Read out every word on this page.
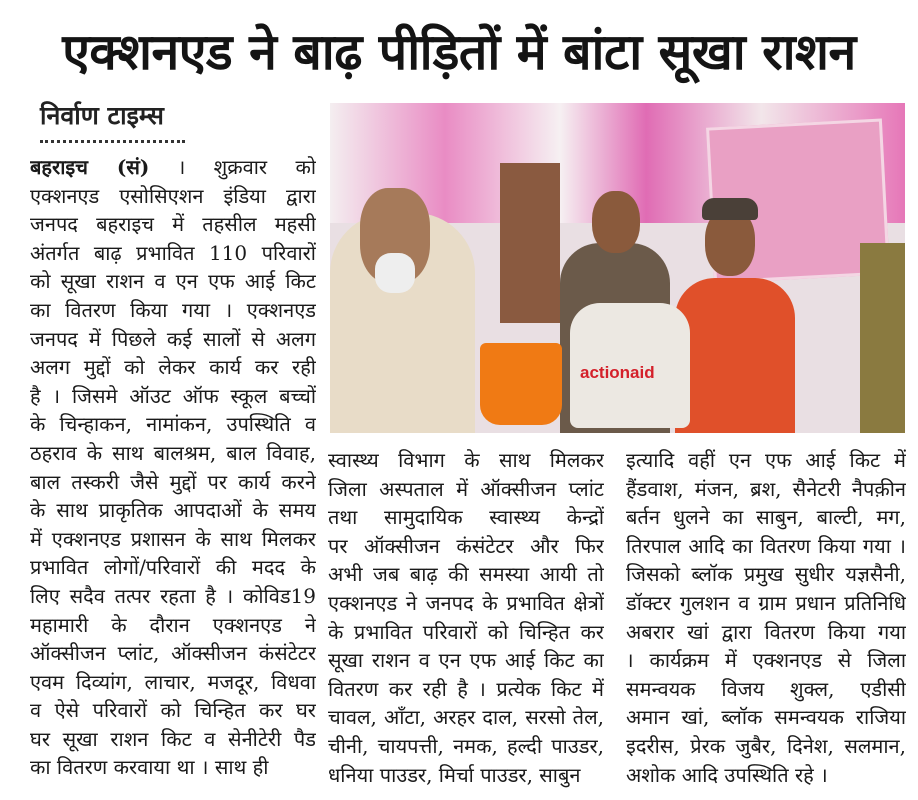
एक्शनएड ने बाढ़ पीड़ितों में बांटा सूखा राशन
निर्वाण टाइम्स
actionaid
बहराइच (सं) । शुक्रवार को
एक्शनएड एसोसिएशन इंडिया द्वारा
जनपद बहराइच में तहसील महसी
अंतर्गत बाढ़ प्रभावित 110 परिवारों
को सूखा राशन व एन एफ आई किट
का वितरण किया गया । एक्शनएड
जनपद में पिछले कई सालों से अलग
अलग मुद्दों को लेकर कार्य कर रही
है । जिसमे ऑउट ऑफ स्कूल बच्चों
के चिन्हाकन, नामांकन, उपस्थिति व
ठहराव के साथ बालश्रम, बाल विवाह,
बाल तस्करी जैसे मुद्दों पर कार्य करने
के साथ प्राकृतिक आपदाओं के समय
में एक्शनएड प्रशासन के साथ मिलकर
प्रभावित लोगों/परिवारों की मदद के
लिए सदैव तत्पर रहता है । कोविड19
महामारी के दौरान एक्शनएड ने
ऑक्सीजन प्लांट, ऑक्सीजन कंसंटेटर
एवम दिव्यांग, लाचार, मजदूर, विधवा
व ऐसे परिवारों को चिन्हित कर घर
घर सूखा राशन किट व सेनीटेरी पैड
का वितरण करवाया था । साथ ही
स्वास्थ्य विभाग के साथ मिलकर
जिला अस्पताल में ऑक्सीजन प्लांट
तथा सामुदायिक स्वास्थ्य केन्द्रों
पर ऑक्सीजन कंसंटेटर और फिर
अभी जब बाढ़ की समस्या आयी तो
एक्शनएड ने जनपद के प्रभावित क्षेत्रों
के प्रभावित परिवारों को चिन्हित कर
सूखा राशन व एन एफ आई किट का
वितरण कर रही है । प्रत्येक किट में
चावल, आँटा, अरहर दाल, सरसो तेल,
चीनी, चायपत्ती, नमक, हल्दी पाउडर,
धनिया पाउडर, मिर्चा पाउडर, साबुन
इत्यादि वहीं एन एफ आई किट में
हैंडवाश, मंजन, ब्रश, सैनेटरी नैपक़ीन
बर्तन धुलने का साबुन, बाल्टी, मग,
तिरपाल आदि का वितरण किया गया ।
जिसको ब्लॉक प्रमुख सुधीर यज्ञसैनी,
डॉक्टर गुलशन व ग्राम प्रधान प्रतिनिधि
अबरार खां द्वारा वितरण किया गया
। कार्यक्रम में एक्शनएड से जिला
समन्वयक विजय शुक्ल, एडीसी
अमान खां, ब्लॉक समन्वयक राजिया
इदरीस, प्रेरक जुबैर, दिनेश, सलमान,
अशोक आदि उपस्थिति रहे ।
